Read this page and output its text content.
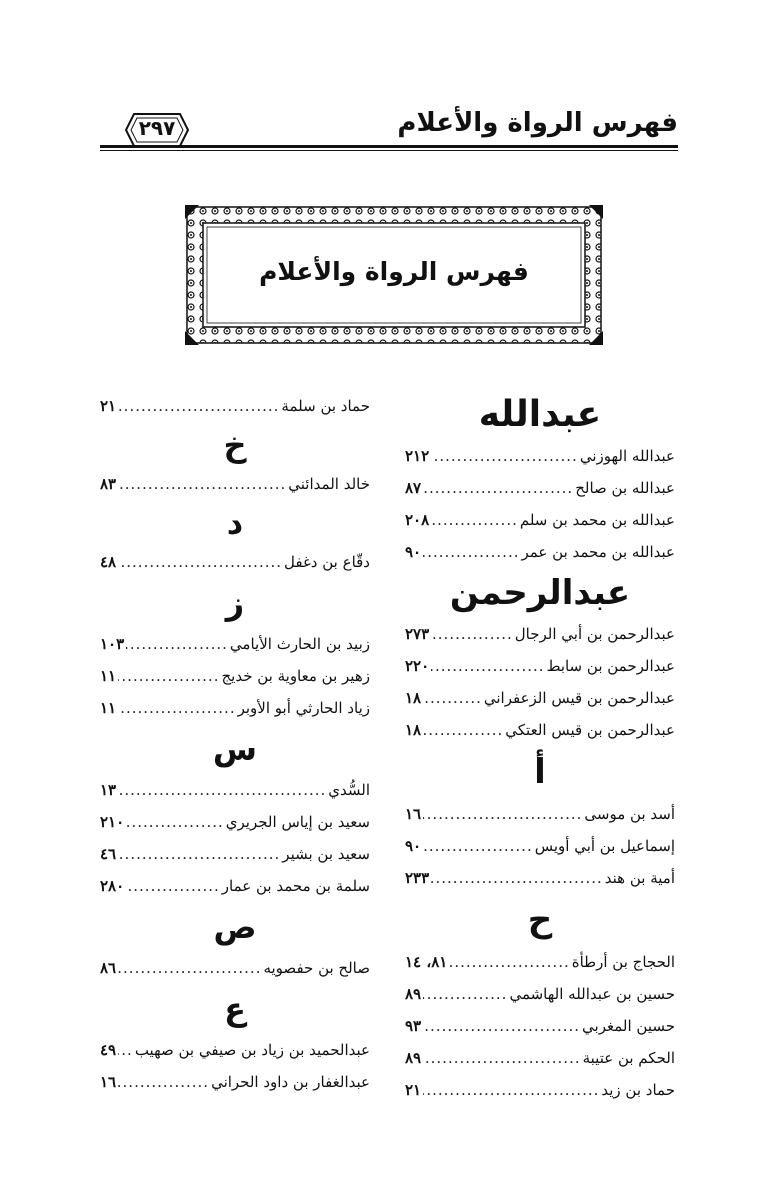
فهرس الرواة والأعلام
٢٩٧
فهرس الرواة والأعلام
عبدالله
عبدالله الهوزني
.....
٢١٢
عبدالله بن صالح
.....
٨٧
عبدالله بن محمد بن سلم
.....
٢٠٨
عبدالله بن محمد بن عمر
.....
٩٠
عبدالرحمن
عبدالرحمن بن أبي الرجال
.....
٢٧٣
عبدالرحمن بن سابط
.....
٢٢٠
عبدالرحمن بن قيس الزعفراني
.....
١٨
عبدالرحمن بن قيس العتكي
.....
١٨
أ
أسد بن موسى
.....
١٦
إسماعيل بن أبي أويس
.....
٩٠
أمية بن هند
.....
٢٣٣
ح
الحجاج بن أرطأة
.....
٨١، ١٤
حسين بن عبدالله الهاشمي
.....
٨٩
حسين المغربي
.....
٩٣
الحكم بن عتيبة
.....
٨٩
حماد بن زيد
.....
٢١
حماد بن سلمة
.....
٢١
خ
خالد المدائني
.....
٨٣
د
دقّاع بن دغفل
.....
٤٨
ز
زبيد بن الحارث الأيامي
.....
١٠٣
زهير بن معاوية بن خديج
.....
١١
زياد الحارثي أبو الأوبر
.....
١١
س
السُّدي
.....
١٣
سعيد بن إياس الجريري
.....
٢١٠
سعيد بن بشير
.....
٤٦
سلمة بن محمد بن عمار
.....
٢٨٠
ص
صالح بن حفصويه
.....
٨٦
ع
عبدالحميد بن زياد بن صيفي بن صهيب
.....
٤٩
عبدالغفار بن داود الحراني
.....
١٦
